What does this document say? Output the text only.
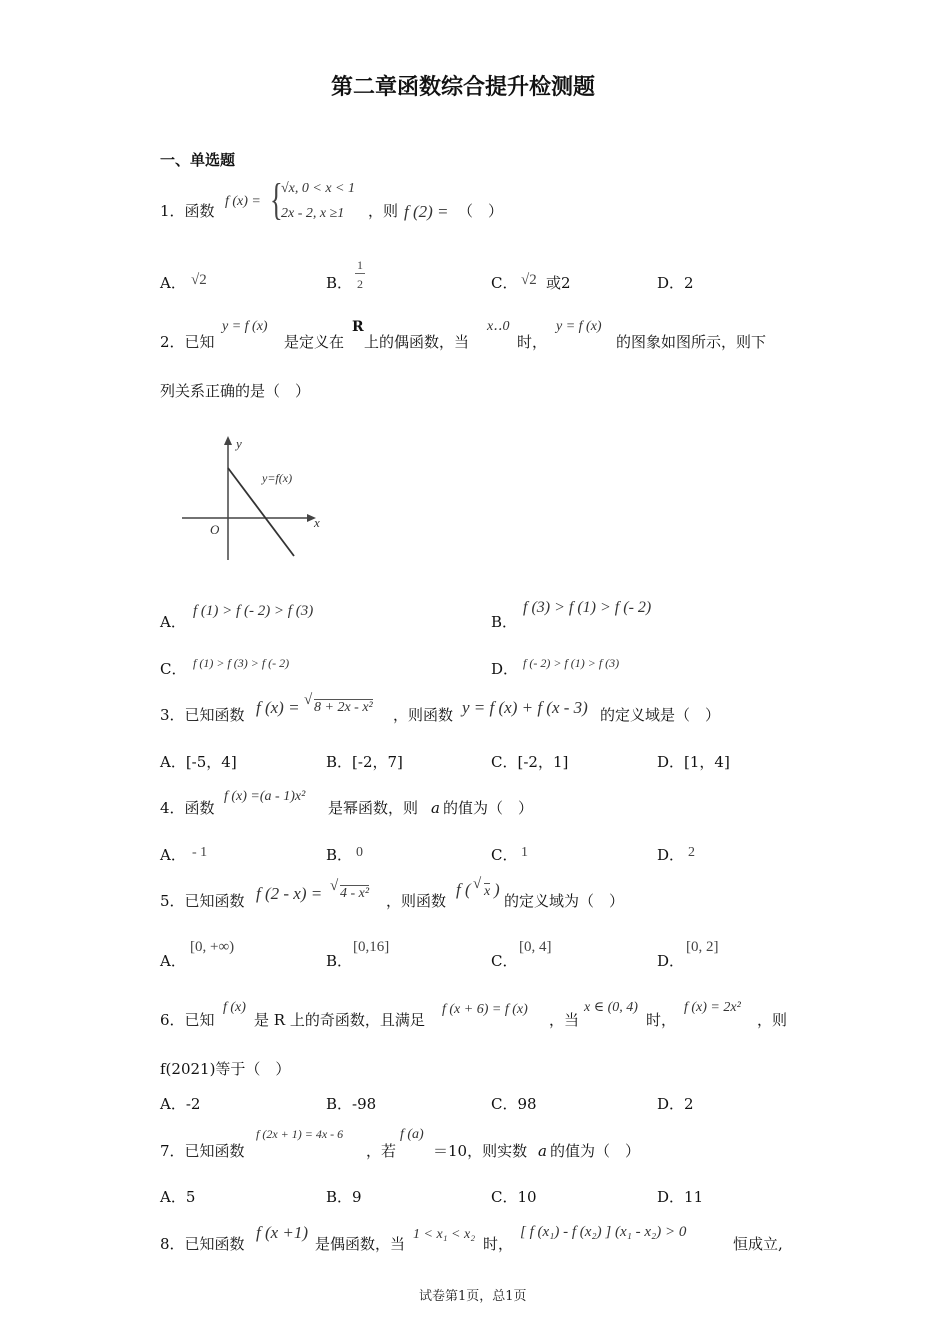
第二章函数综合提升检测题
一、单选题
1．函数
f (x) = {
√x, 0 < x < 1
2x - 2, x ≥1 ，则 f (2) = （　）
A． √2	B．
1
2	C． √2 或2	D．2
2．已知
y = f (x)
是定义在
R
上的偶函数，当
x‥0
时，
y = f (x)
的图象如图所示，则下
列关系正确的是（　）
y
x
O
y=f(x)
A．
f (1) > f (- 2) > f (3)
B．
f (3) > f (1) > f (- 2)
C． f (1) > f (3) > f (- 2)	D． f (- 2) > f (1) > f (3)
3．已知函数 f (x) = √ 8 + 2x - x² ，则函数 y = f (x) + f (x - 3) 的定义域是（　）
A．[-5，4]	B．[-2，7]	C．[-2，1]	D．[1，4]
4．函数
f (x) =(a - 1)x²
是幂函数，则 a 的值为（　）
A． - 1	B． 0	C． 1	D． 2
5．已知函数 f (2 - x) = √ 4 - x² ，则函数
f ( √ x )
的定义域为（　）
A．
[0, +∞)
B．
[0,16]
C．
[0, 4]
D．
[0, 2]
6．已知
f (x)
是 R 上的奇函数，且满足
f (x + 6) = f (x)
，当
x ∈ (0, 4)
时，
f (x) = 2x²
，则
f(2021)等于（　）
A．-2	B．-98	C．98	D．2
7．已知函数
f (2x + 1) = 4x - 6
，若
f (a)
＝10，则实数 a 的值为（　）
A．5	B．9	C．10	D．11
8．已知函数
f (x +1)
是偶函数，当
1 < x₁ < x₂
时，
[ f (x₁) - f (x₂) ] (x₁ - x₂) > 0
恒成立,
试卷第1页，总1页
